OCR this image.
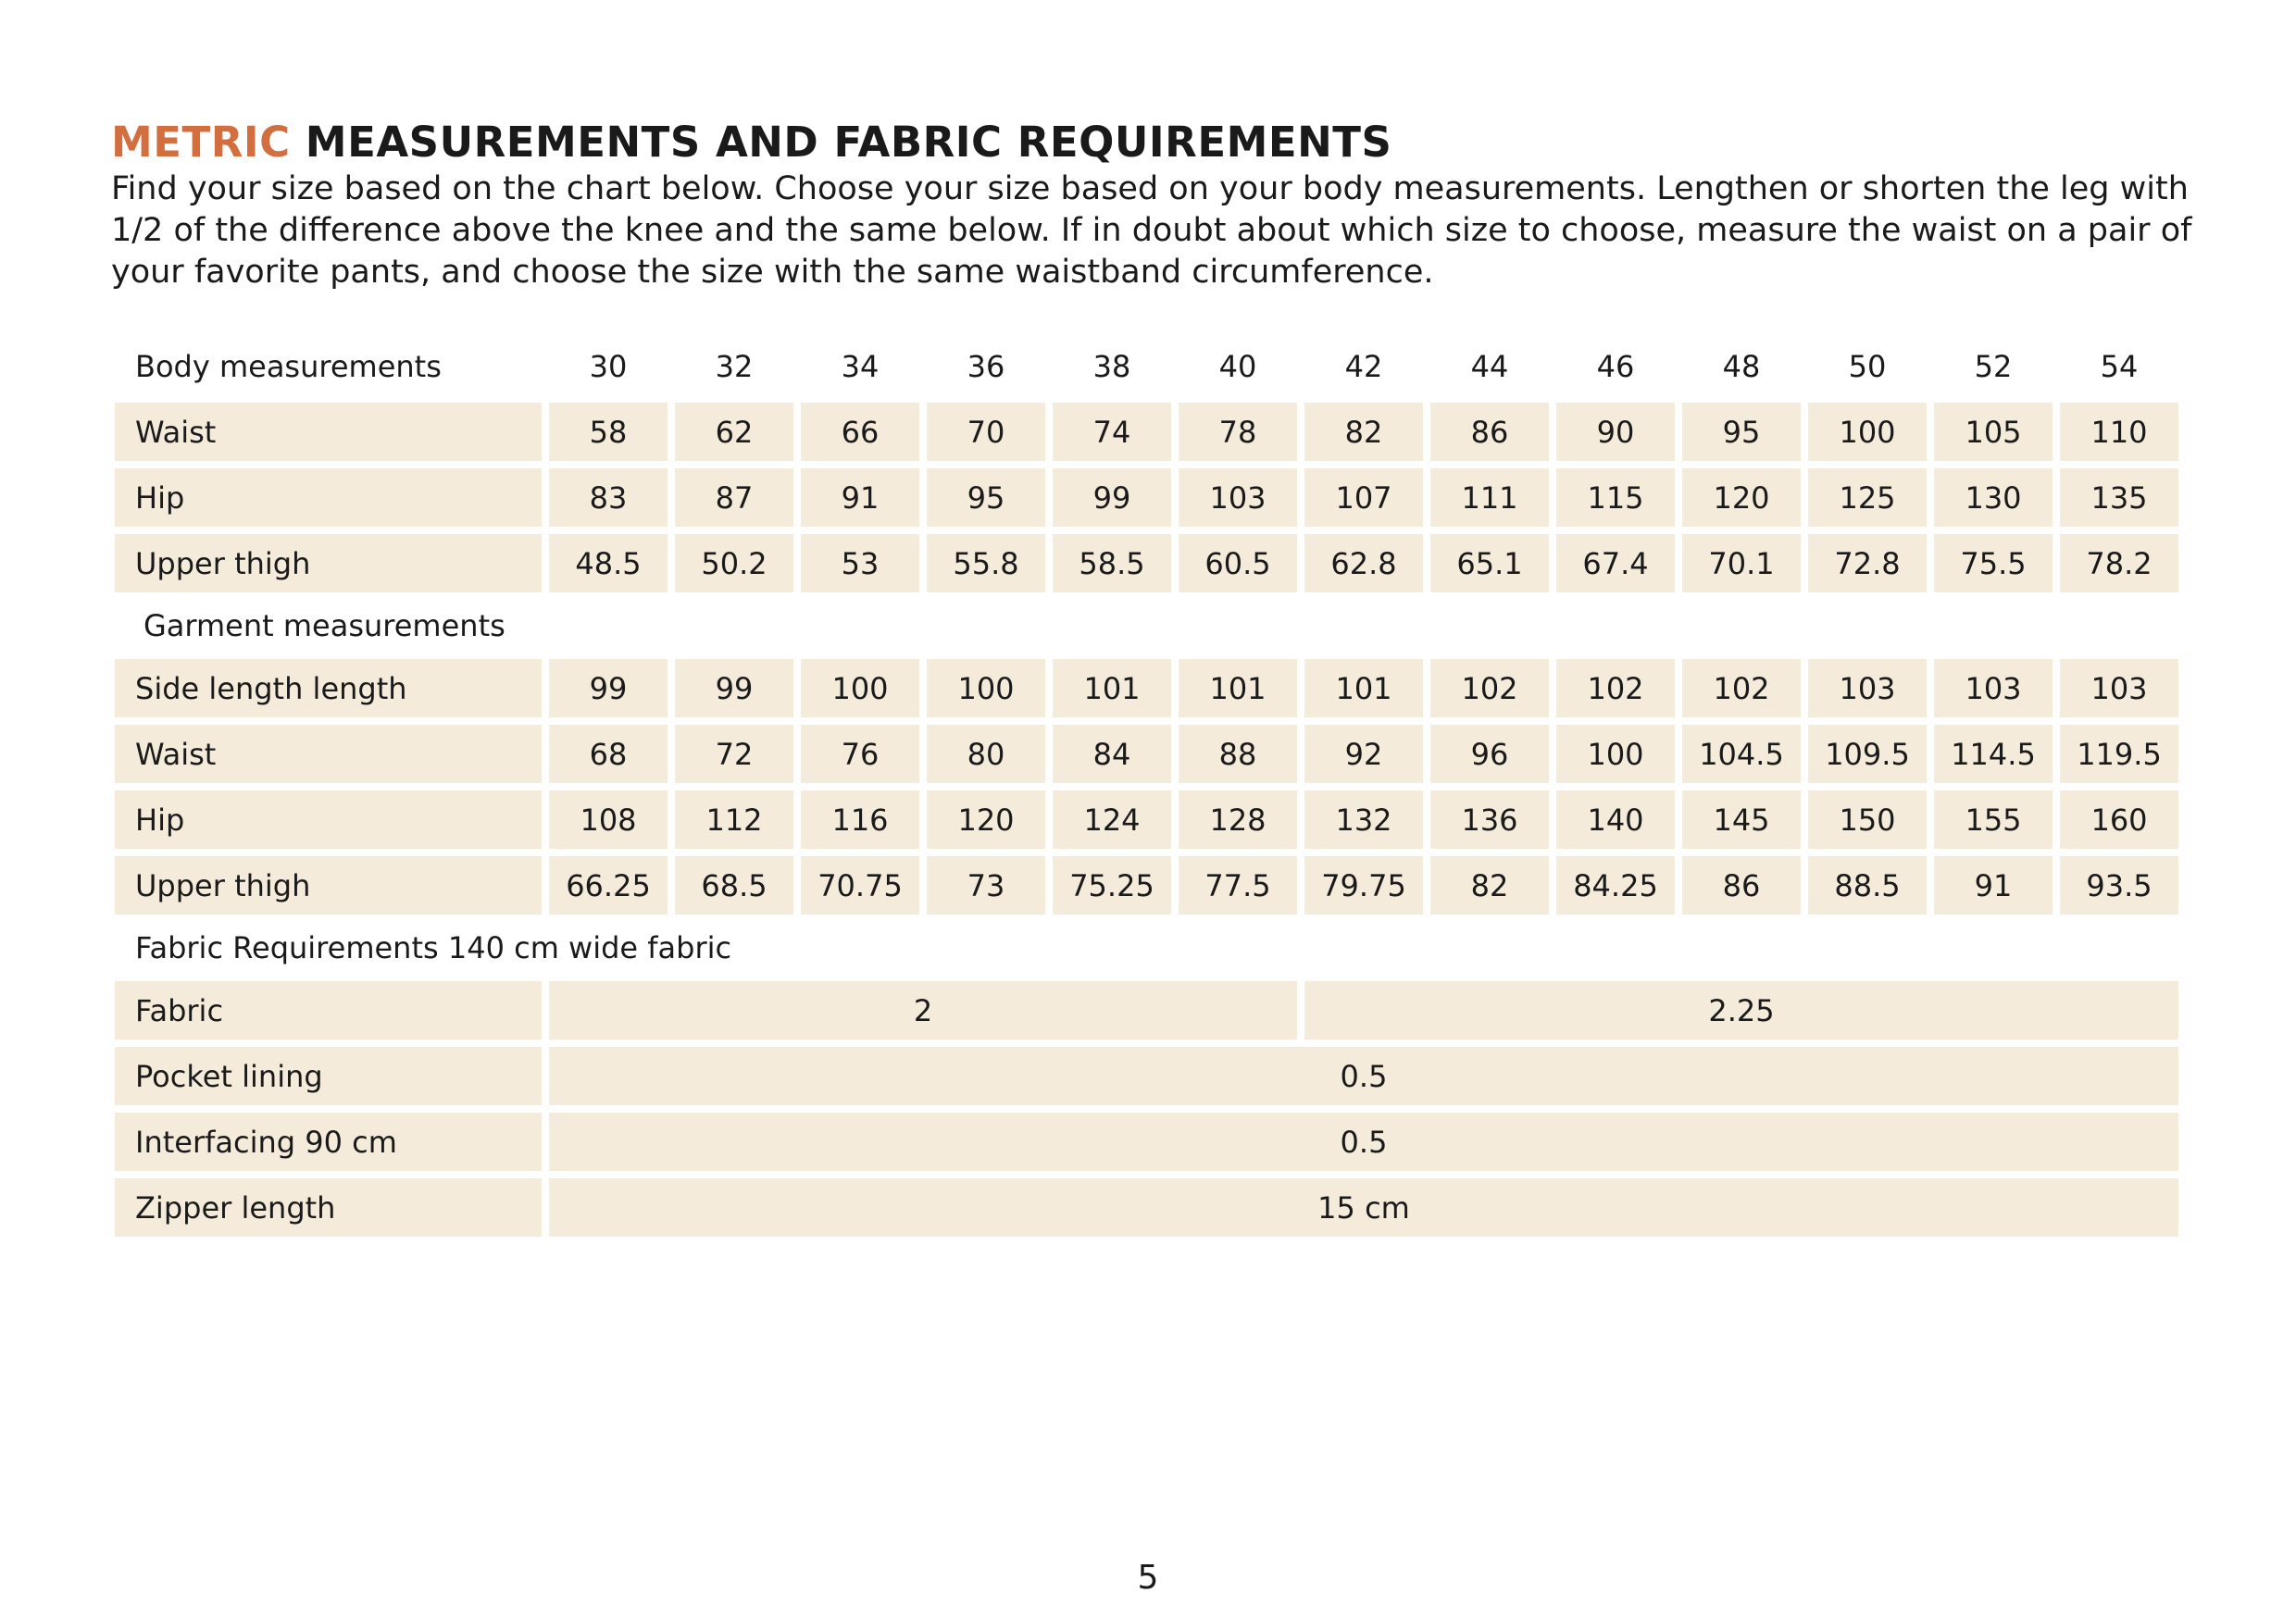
METRIC MEASUREMENTS AND FABRIC REQUIREMENTS

Find your size based on the chart below. Choose your size based on your body measurements. Lengthen or shorten the leg with 1/2 of the difference above the knee and the same below. If in doubt about which size to choose, measure the waist on a pair of your favorite pants, and choose the size with the same waistband circumference.

Body measurements	30	32	34	36	38	40	42	44	46	48	50	52	54
Waist	58	62	66	70	74	78	82	86	90	95	100	105	110
Hip	83	87	91	95	99	103	107	111	115	120	125	130	135
Upper thigh	48.5	50.2	53	55.8	58.5	60.5	62.8	65.1	67.4	70.1	72.8	75.5	78.2
Garment measurements													
Side length length	99	99	100	100	101	101	101	102	102	102	103	103	103
Waist	68	72	76	80	84	88	92	96	100	104.5	109.5	114.5	119.5
Hip	108	112	116	120	124	128	132	136	140	145	150	155	160
Upper thigh	66.25	68.5	70.75	73	75.25	77.5	79.75	82	84.25	86	88.5	91	93.5
Fabric Requirements 140 cm wide fabric													
Fabric	2						2.25						
Pocket lining	0.5												
Interfacing 90 cm	0.5												
Zipper length	15 cm												
5
